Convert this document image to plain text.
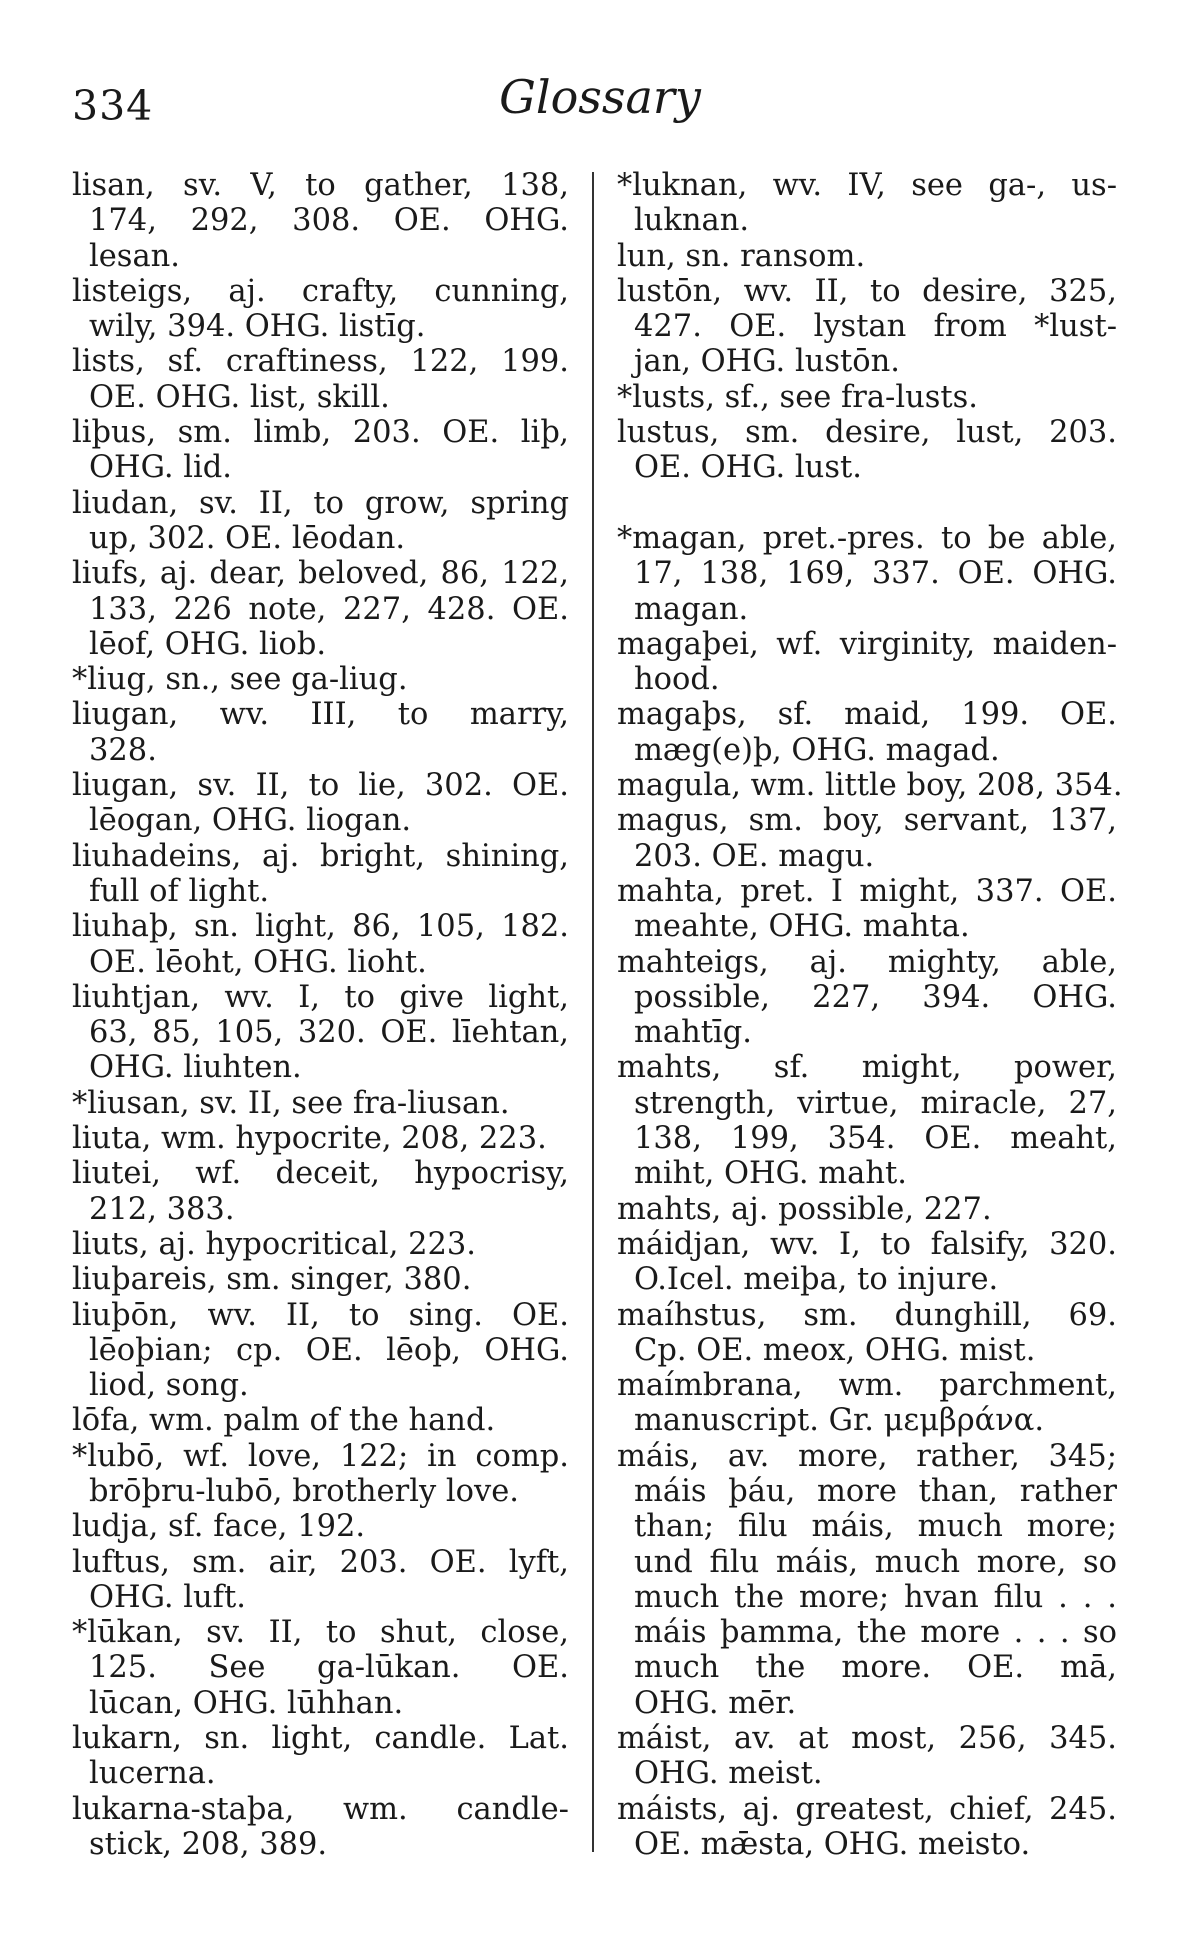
334	Glossary
lisan, sv. V, to gather, 138,
174, 292, 308. OE. OHG.
lesan.
listeigs, aj. crafty, cunning,
wily, 394. OHG. listīg.
lists, sf. craftiness, 122, 199.
OE. OHG. list, skill.
liþus, sm. limb, 203. OE. liþ,
OHG. lid.
liudan, sv. II, to grow, spring
up, 302. OE. lēodan.
liufs, aj. dear, beloved, 86, 122,
133, 226 note, 227, 428. OE.
lēof, OHG. liob.
*liug, sn., see ga-liug.
liugan, wv. III, to marry,
328.
liugan, sv. II, to lie, 302. OE.
lēogan, OHG. liogan.
liuhadeins, aj. bright, shining,
full of light.
liuhaþ, sn. light, 86, 105, 182.
OE. lēoht, OHG. lioht.
liuhtjan, wv. I, to give light,
63, 85, 105, 320. OE. līehtan,
OHG. liuhten.
*liusan, sv. II, see fra-liusan.
liuta, wm. hypocrite, 208, 223.
liutei, wf. deceit, hypocrisy,
212, 383.
liuts, aj. hypocritical, 223.
liuþareis, sm. singer, 380.
liuþōn, wv. II, to sing. OE.
lēoþian; cp. OE. lēoþ, OHG.
liod, song.
lōfa, wm. palm of the hand.
*lubō, wf. love, 122; in comp.
brōþru-lubō, brotherly love.
ludja, sf. face, 192.
luftus, sm. air, 203. OE. lyft,
OHG. luft.
*lūkan, sv. II, to shut, close,
125. See ga-lūkan. OE.
lūcan, OHG. lūhhan.
lukarn, sn. light, candle. Lat.
lucerna.
lukarna-staþa, wm. candle-
stick, 208, 389.
*luknan, wv. IV, see ga-, us-
luknan.
lun, sn. ransom.
lustōn, wv. II, to desire, 325,
427. OE. lystan from *lust-
jan, OHG. lustōn.
*lusts, sf., see fra-lusts.
lustus, sm. desire, lust, 203.
OE. OHG. lust.
*magan, pret.-pres. to be able,
17, 138, 169, 337. OE. OHG.
magan.
magaþei, wf. virginity, maiden-
hood.
magaþs, sf. maid, 199. OE.
mæg(e)þ, OHG. magad.
magula, wm. little boy, 208, 354.
magus, sm. boy, servant, 137,
203. OE. magu.
mahta, pret. I might, 337. OE.
meahte, OHG. mahta.
mahteigs, aj. mighty, able,
possible, 227, 394. OHG.
mahtīg.
mahts, sf. might, power,
strength, virtue, miracle, 27,
138, 199, 354. OE. meaht,
miht, OHG. maht.
mahts, aj. possible, 227.
máidjan, wv. I, to falsify, 320.
O.Icel. meiþa, to injure.
maíhstus, sm. dunghill, 69.
Cp. OE. meox, OHG. mist.
maímbrana, wm. parchment,
manuscript. Gr. μεμβράνα.
máis, av. more, rather, 345;
máis þáu, more than, rather
than; filu máis, much more;
und filu máis, much more, so
much the more; hvan filu . . .
máis þamma, the more . . . so
much the more. OE. mā,
OHG. mēr.
máist, av. at most, 256, 345.
OHG. meist.
máists, aj. greatest, chief, 245.
OE. mǣsta, OHG. meisto.
